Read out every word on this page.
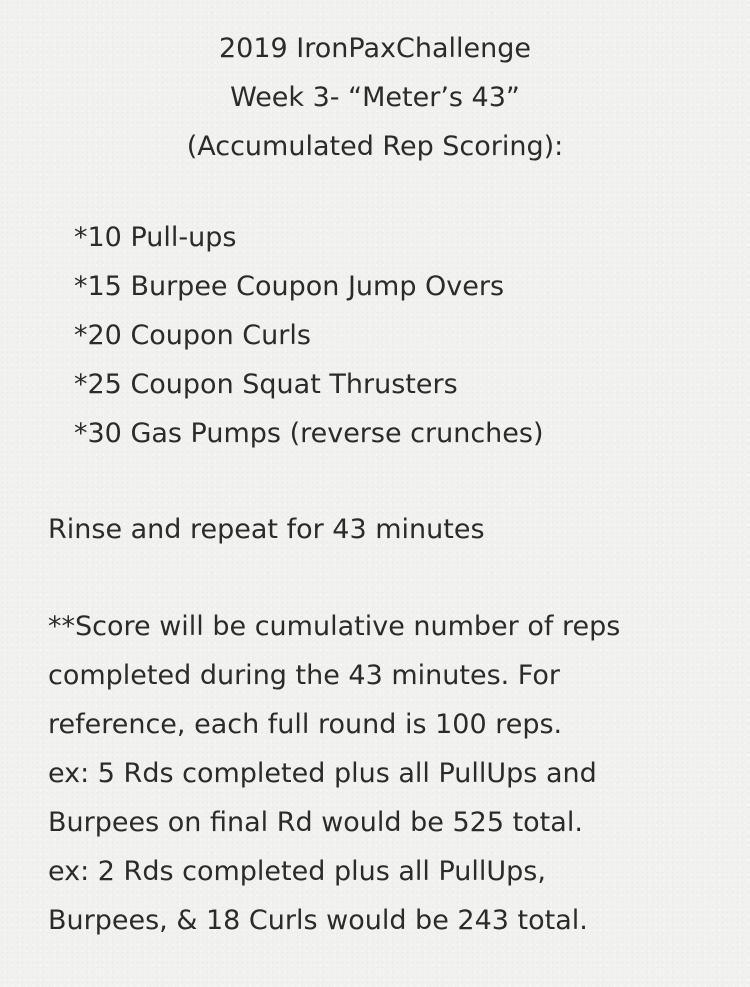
2019 IronPaxChallenge
Week 3- “Meter’s 43”
(Accumulated Rep Scoring):
*10 Pull-ups
*15 Burpee Coupon Jump Overs
*20 Coupon Curls
*25 Coupon Squat Thrusters
*30 Gas Pumps (reverse crunches)
Rinse and repeat for 43 minutes
**Score will be cumulative number of reps
completed during the 43 minutes. For
reference, each full round is 100 reps.
ex: 5 Rds completed plus all PullUps and
Burpees on final Rd would be 525 total.
ex: 2 Rds completed plus all PullUps,
Burpees, & 18 Curls would be 243 total.
